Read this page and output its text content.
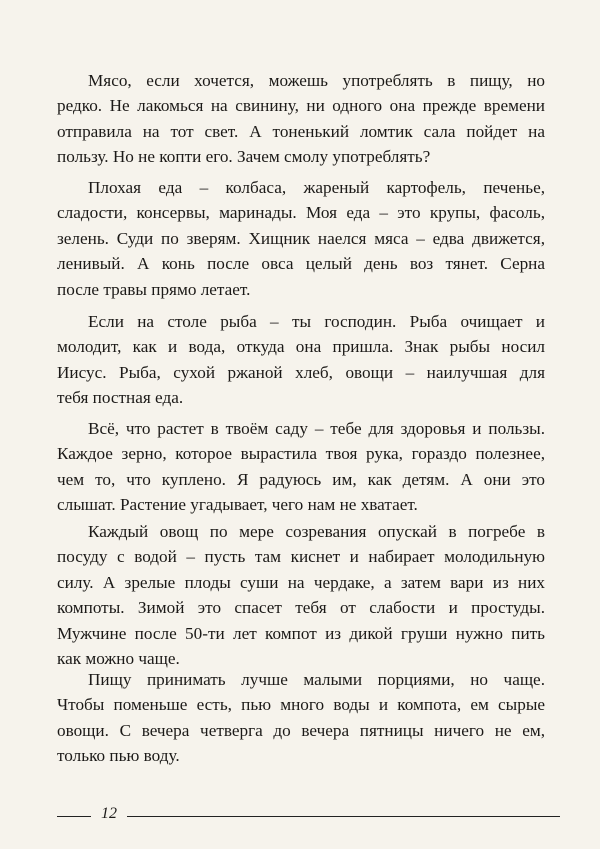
Мясо, если хочется, можешь употреблять в пищу, но
редко. Не лакомься на свинину, ни одного она прежде времени
отправила на тот свет. А тоненький ломтик сала пойдет на
пользу. Но не копти его. Зачем смолу употреблять?
Плохая еда – колбаса, жареный картофель, печенье,
сладости, консервы, маринады. Моя еда – это крупы, фасоль,
зелень. Суди по зверям. Хищник наелся мяса – едва движется,
ленивый. А конь после овса целый день воз тянет. Серна
после травы прямо летает.
Если на столе рыба – ты господин. Рыба очищает и
молодит, как и вода, откуда она пришла. Знак рыбы носил
Иисус. Рыба, сухой ржаной хлеб, овощи – наилучшая для
тебя постная еда.
Всё, что растет в твоём саду – тебе для здоровья и пользы.
Каждое зерно, которое вырастила твоя рука, гораздо полезнее,
чем то, что куплено. Я радуюсь им, как детям. А они это
слышат. Растение угадывает, чего нам не хватает.
Каждый овощ по мере созревания опускай в погребе в
посуду с водой – пусть там киснет и набирает молодильную
силу. А зрелые плоды суши на чердаке, а затем вари из них
компоты. Зимой это спасет тебя от слабости и простуды.
Мужчине после 50-ти лет компот из дикой груши нужно пить
как можно чаще.
Пищу принимать лучше малыми порциями, но чаще.
Чтобы поменьше есть, пью много воды и компота, ем сырые
овощи. С вечера четверга до вечера пятницы ничего не ем,
только пью воду.
12
